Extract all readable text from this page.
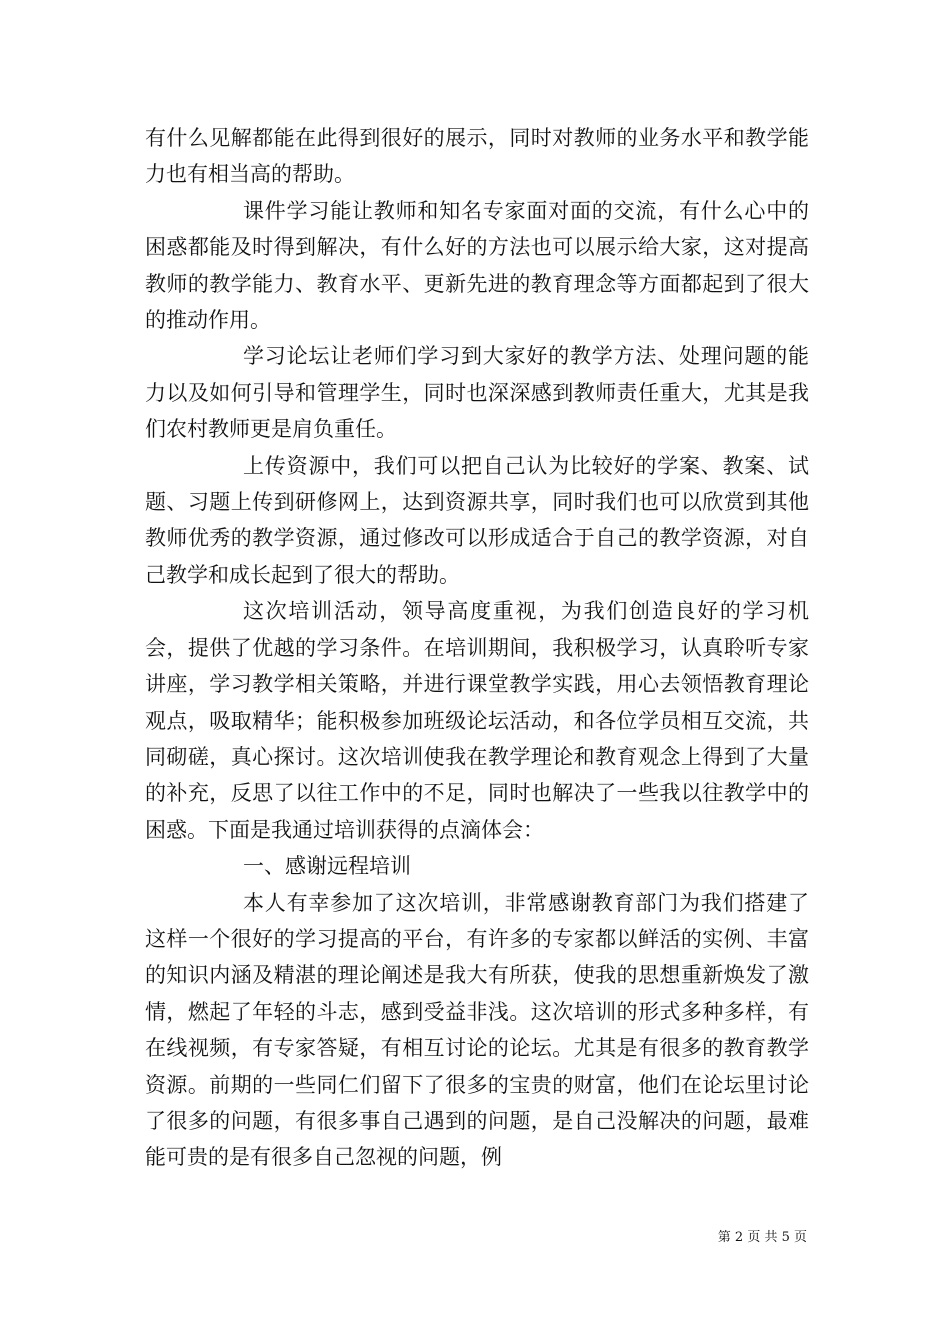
有什么见解都能在此得到很好的展示，同时对教师的业务水平和教学能力也有相当高的帮助。

课件学习能让教师和知名专家面对面的交流，有什么心中的困惑都能及时得到解决，有什么好的方法也可以展示给大家，这对提高教师的教学能力、教育水平、更新先进的教育理念等方面都起到了很大的推动作用。

学习论坛让老师们学习到大家好的教学方法、处理问题的能力以及如何引导和管理学生，同时也深深感到教师责任重大，尤其是我们农村教师更是肩负重任。

上传资源中，我们可以把自己认为比较好的学案、教案、试题、习题上传到研修网上，达到资源共享，同时我们也可以欣赏到其他教师优秀的教学资源，通过修改可以形成适合于自己的教学资源，对自己教学和成长起到了很大的帮助。

这次培训活动，领导高度重视，为我们创造良好的学习机会，提供了优越的学习条件。在培训期间，我积极学习，认真聆听专家讲座，学习教学相关策略，并进行课堂教学实践，用心去领悟教育理论观点，吸取精华；能积极参加班级论坛活动，和各位学员相互交流，共同砌磋，真心探讨。这次培训使我在教学理论和教育观念上得到了大量的补充，反思了以往工作中的不足，同时也解决了一些我以往教学中的困惑。下面是我通过培训获得的点滴体会：

一、感谢远程培训

本人有幸参加了这次培训，非常感谢教育部门为我们搭建了这样一个很好的学习提高的平台，有许多的专家都以鲜活的实例、丰富的知识内涵及精湛的理论阐述是我大有所获，使我的思想重新焕发了激情，燃起了年轻的斗志，感到受益非浅。这次培训的形式多种多样，有在线视频，有专家答疑，有相互讨论的论坛。尤其是有很多的教育教学资源。前期的一些同仁们留下了很多的宝贵的财富，他们在论坛里讨论了很多的问题，有很多事自己遇到的问题，是自己没解决的问题，最难能可贵的是有很多自己忽视的问题，例

第 2 页 共 5 页
